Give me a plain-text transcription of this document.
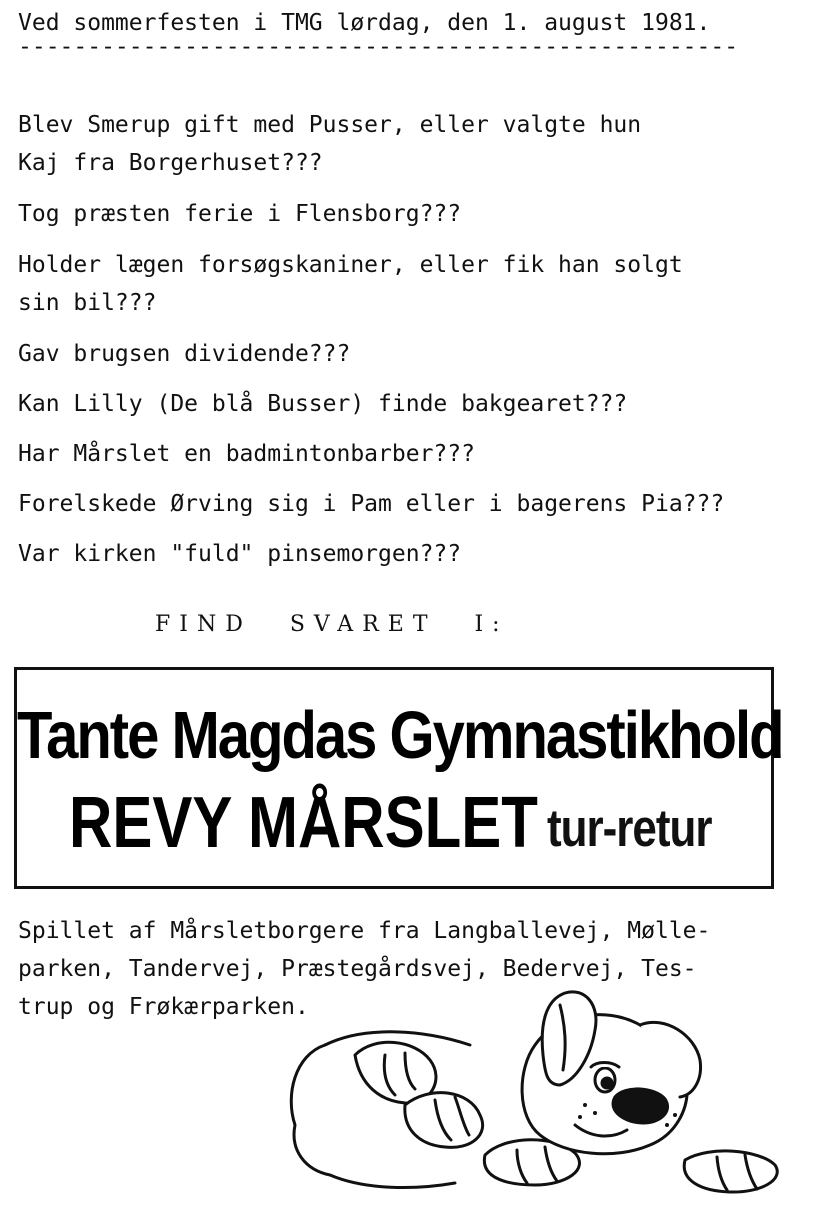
Ved sommerfesten i TMG lørdag, den 1. august 1981.
----------------------------------------------------
Blev Smerup gift med Pusser, eller valgte hun
Kaj fra Borgerhuset???
Tog præsten ferie i Flensborg???
Holder lægen forsøgskaniner, eller fik han solgt
sin bil???
Gav brugsen dividende???
Kan Lilly (De blå Busser) finde bakgearet???
Har Mårslet en badmintonbarber???
Forelskede Ørving sig i Pam eller i bagerens Pia???
Var kirken "fuld" pinsemorgen???
FIND SVARET I:
Tante Magdas Gymnastikhold
REVY MÅRSLET tur-retur
Spillet af Mårsletborgere fra Langballevej, Mølle-
parken, Tandervej, Præstegårdsvej, Bedervej, Tes-
trup og Frøkærparken.
